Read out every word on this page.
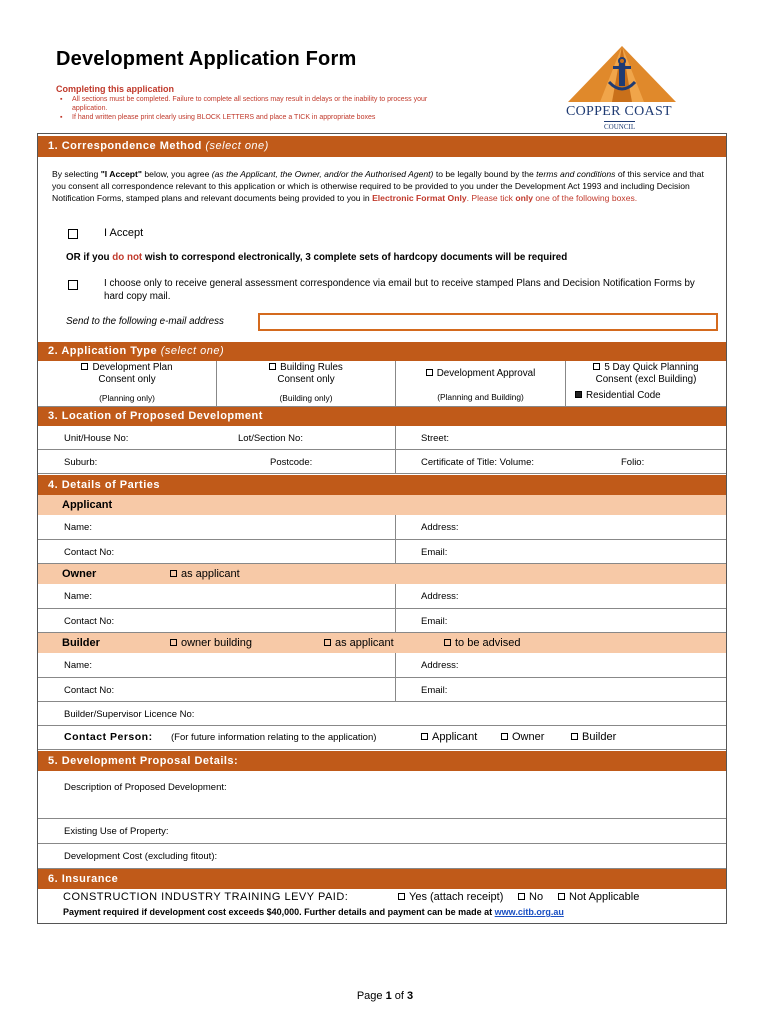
Development Application Form
Completing this application
▪	All sections must be completed. Failure to complete all sections may result in delays or the inability to process your application.
▪	If hand written please print clearly using BLOCK LETTERS and place a TICK in appropriate boxes	COPPER COAST
COUNCIL
1. Correspondence Method (select one)
By selecting "I Accept" below, you agree (as the Applicant, the Owner, and/or the Authorised Agent) to be legally bound by the terms and conditions of this service and that you consent all correspondence relevant to this application or which is otherwise required to be provided to you under the Development Act 1993 and including Decision Notification Forms, stamped plans and relevant documents being provided to you in Electronic Format Only. Please tick only one of the following boxes.
I Accept
OR if you do not wish to correspond electronically, 3 complete sets of hardcopy documents will be required
I choose only to receive general assessment correspondence via email but to receive stamped Plans and Decision Notification Forms by hard copy mail.
Send to the following e-mail address
2. Application Type (select one)
Development Plan
Consent only
(Planning only)
Building Rules
Consent only
(Building only)
Development Approval
(Planning and Building)
5 Day Quick Planning
Consent (excl Building)
Residential Code
3. Location of Proposed Development
Unit/House No:	Lot/Section No:	Street:
Suburb:	Postcode:	Certificate of Title: Volume:	Folio:
4. Details of Parties
Applicant
Name:	Address:
Contact No:	Email:
Owner	as applicant
Name:	Address:
Contact No:	Email:
Builder	owner building	as applicant	to be advised
Name:	Address:
Contact No:	Email:
Builder/Supervisor Licence No:
Contact Person: (For future information relating to the application)	Applicant	Owner	Builder
5. Development Proposal Details:
Description of Proposed Development:
Existing Use of Property:
Development Cost (excluding fitout):
6. Insurance
CONSTRUCTION INDUSTRY TRAINING LEVY PAID:	Yes (attach receipt)	No	Not Applicable
Payment required if development cost exceeds $40,000. Further details and payment can be made at www.citb.org.au
Page 1 of 3
